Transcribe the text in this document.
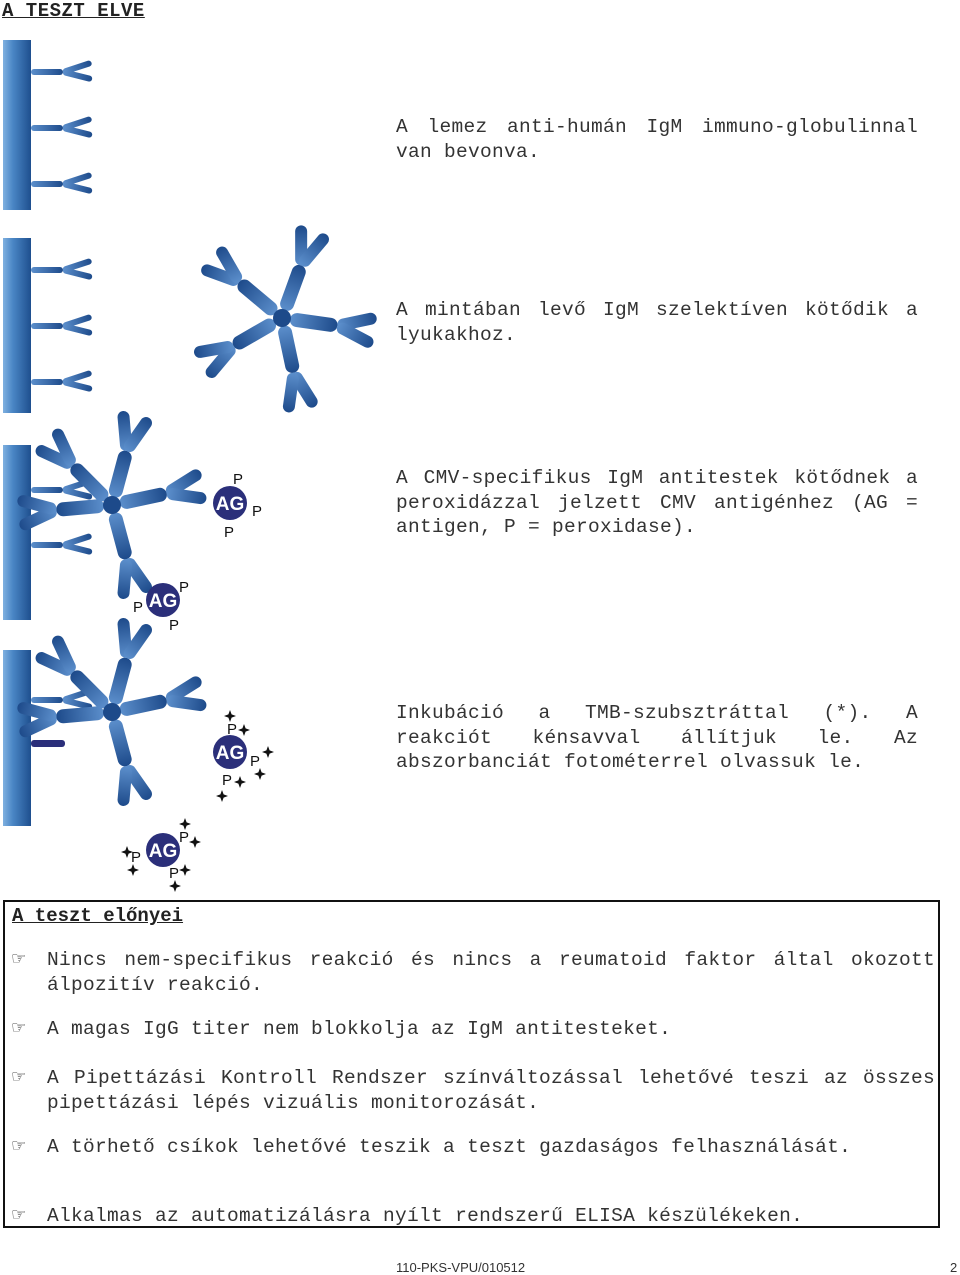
A TESZT ELVE
AG
P
P
P
AG
P
P
P
AG
P
P
P
AG
P
P
P
A lemez anti-humán IgM immuno-globulinnal van bevonva.
A mintában levő IgM szelektíven kötődik a lyukakhoz.
A CMV-specifikus IgM antitestek kötődnek a peroxidázzal jelzett CMV antigénhez (AG = antigen, P = peroxidase).
Inkubáció a TMB-szubsztráttal (*). A reakciót kénsavval állítjuk le. Az abszorbanciát fotométerrel olvassuk le.
A teszt előnyei
☞ Nincs nem-specifikus reakció és nincs a reumatoid faktor által okozott álpozitív reakció.
☞ A magas IgG titer nem blokkolja az IgM antitesteket.
☞ A Pipettázási Kontroll Rendszer színváltozással lehetővé teszi az összes pipettázási lépés vizuális monitorozását.
☞ A törhető csíkok lehetővé teszik a teszt gazdaságos felhasználását.
☞ Alkalmas az automatizálásra nyílt rendszerű ELISA készülékeken.
110-PKS-VPU/010512	2
